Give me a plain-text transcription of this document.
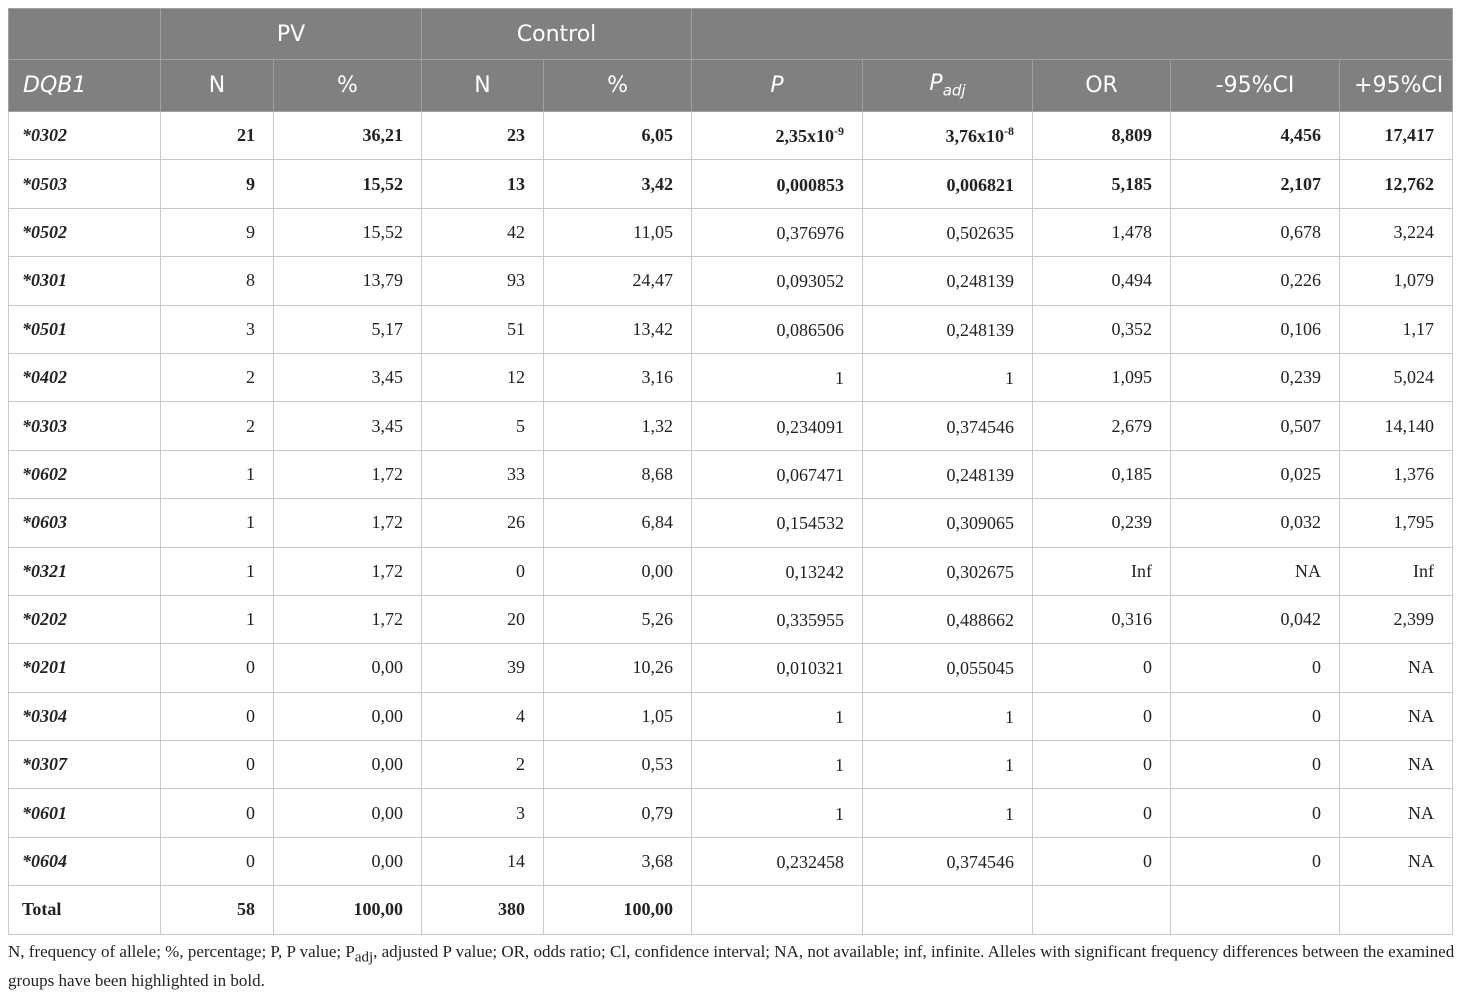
	PV		Control						
DQB1	N	%	N	%	P	$P_{adj}$	OR	-95%CI	+95%CI
*0302	21	36,21	23	6,05	$2,35x10^{-9}$	$3,76x10^{-8}$	8,809	4,456	17,417
*0503	9	15,52	13	3,42	0,000853	0,006821	5,185	2,107	12,762
*0502	9	15,52	42	11,05	0,376976	0,502635	1,478	0,678	3,224
*0301	8	13,79	93	24,47	0,093052	0,248139	0,494	0,226	1,079
*0501	3	5,17	51	13,42	0,086506	0,248139	0,352	0,106	1,17
*0402	2	3,45	12	3,16	1	1	1,095	0,239	5,024
*0303	2	3,45	5	1,32	0,234091	0,374546	2,679	0,507	14,140
*0602	1	1,72	33	8,68	0,067471	0,248139	0,185	0,025	1,376
*0603	1	1,72	26	6,84	0,154532	0,309065	0,239	0,032	1,795
*0321	1	1,72	0	0,00	0,13242	0,302675	Inf	NA	Inf
*0202	1	1,72	20	5,26	0,335955	0,488662	0,316	0,042	2,399
*0201	0	0,00	39	10,26	0,010321	0,055045	0	0	NA
*0304	0	0,00	4	1,05	1	1	0	0	NA
*0307	0	0,00	2	0,53	1	1	0	0	NA
*0601	0	0,00	3	0,79	1	1	0	0	NA
*0604	0	0,00	14	3,68	0,232458	0,374546	0	0	NA
Total	58	100,00	380	100,00					
N, frequency of allele; %, percentage; P, P value; $P_{adj}$, adjusted P value; OR, odds ratio; Cl, confidence interval; NA, not available; inf, infinite. Alleles with significant frequency differences between the examined groups have been highlighted in bold.
